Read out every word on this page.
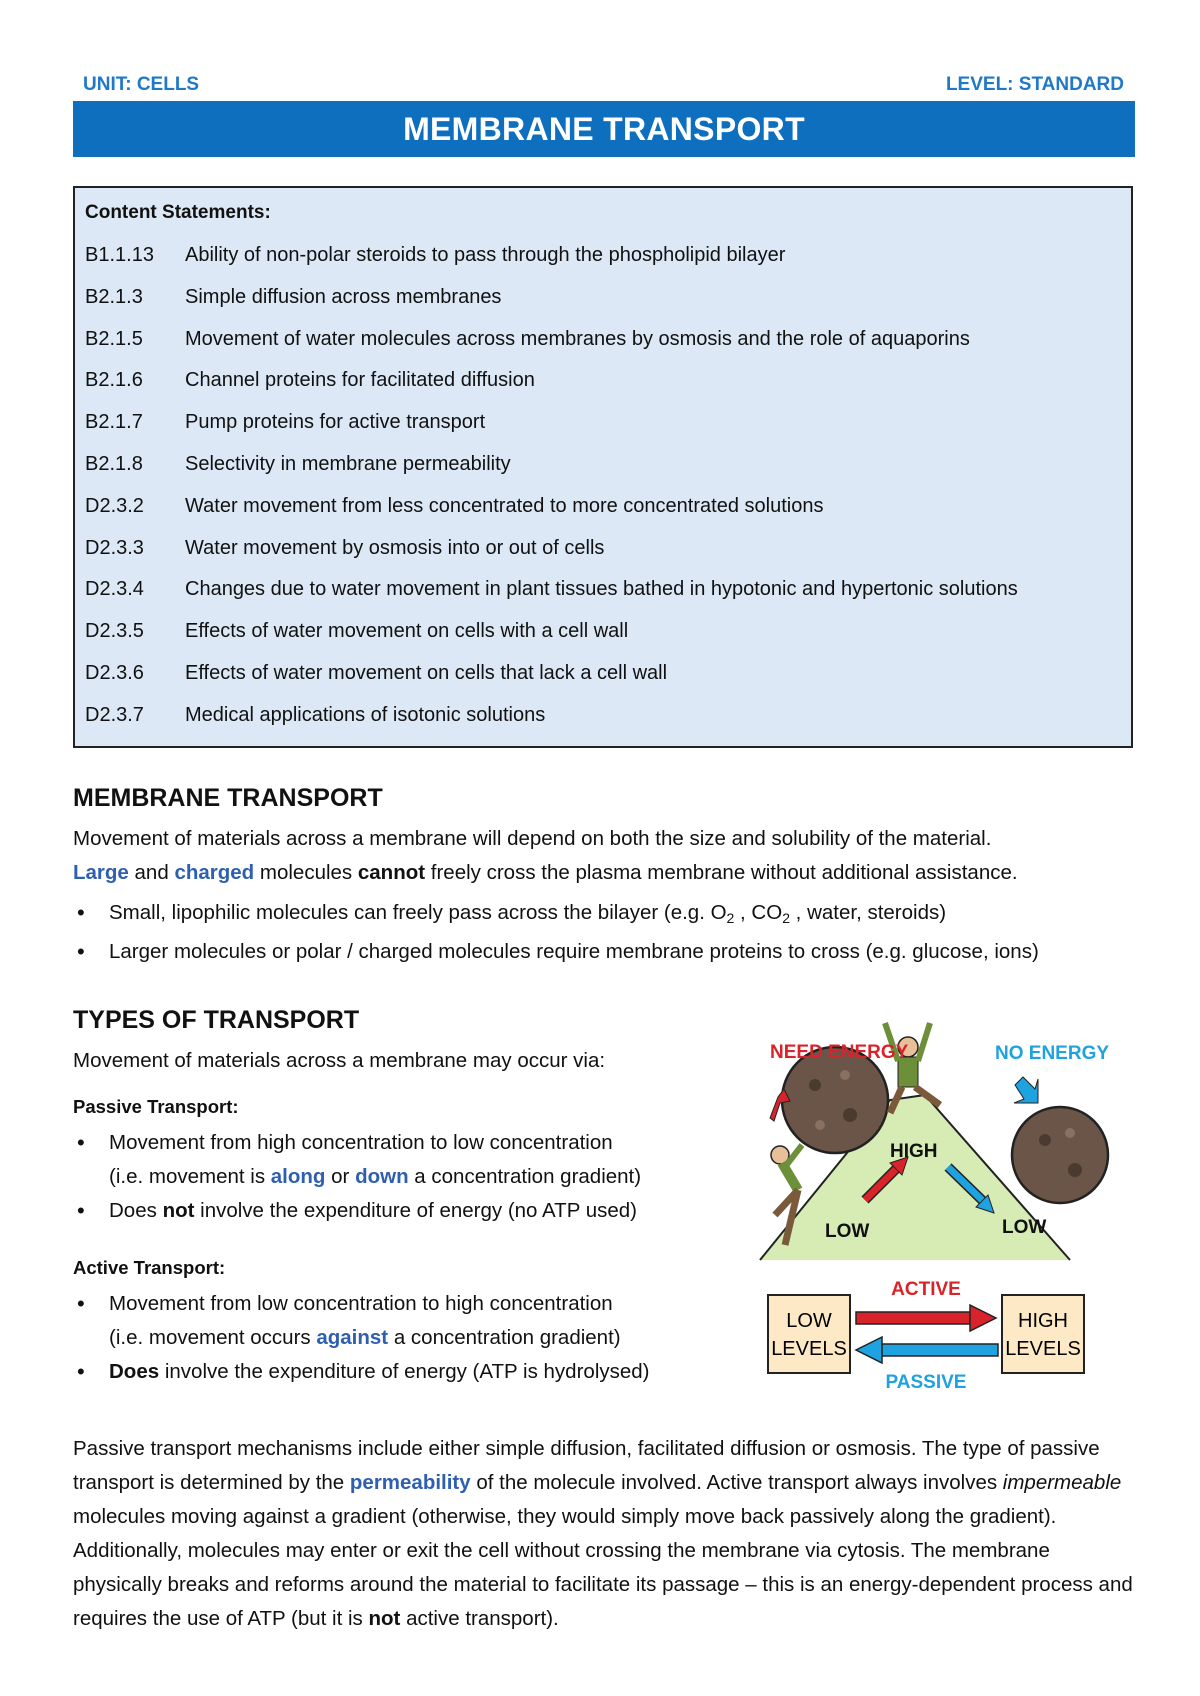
UNIT: CELLS	LEVEL: STANDARD
MEMBRANE TRANSPORT
Content Statements:
B1.1.13 Ability of non-polar steroids to pass through the phospholipid bilayer
B2.1.3 Simple diffusion across membranes
B2.1.5 Movement of water molecules across membranes by osmosis and the role of aquaporins
B2.1.6 Channel proteins for facilitated diffusion
B2.1.7 Pump proteins for active transport
B2.1.8 Selectivity in membrane permeability
D2.3.2 Water movement from less concentrated to more concentrated solutions
D2.3.3 Water movement by osmosis into or out of cells
D2.3.4 Changes due to water movement in plant tissues bathed in hypotonic and hypertonic solutions
D2.3.5 Effects of water movement on cells with a cell wall
D2.3.6 Effects of water movement on cells that lack a cell wall
D2.3.7 Medical applications of isotonic solutions
MEMBRANE TRANSPORT
Movement of materials across a membrane will depend on both the size and solubility of the material.
Large and charged molecules cannot freely cross the plasma membrane without additional assistance.
• Small, lipophilic molecules can freely pass across the bilayer (e.g. $O_2$ , $CO_2$ , water, steroids)
• Larger molecules or polar / charged molecules require membrane proteins to cross (e.g. glucose, ions)
TYPES OF TRANSPORT
Movement of materials across a membrane may occur via:
Passive Transport:
• Movement from high concentration to low concentration
(i.e. movement is along or down a concentration gradient)
• Does not involve the expenditure of energy (no ATP used)
Active Transport:
• Movement from low concentration to high concentration
(i.e. movement occurs against a concentration gradient)
• Does involve the expenditure of energy (ATP is hydrolysed)
NEED ENERGY	NO ENERGY
HIGH
LOW	LOW
LOW
LEVELS
HIGH
LEVELS
ACTIVE
PASSIVE
Passive transport mechanisms include either simple diffusion, facilitated diffusion or osmosis. The type of passive transport is determined by the permeability of the molecule involved. Active transport always involves impermeable molecules moving against a gradient (otherwise, they would simply move back passively along the gradient). Additionally, molecules may enter or exit the cell without crossing the membrane via cytosis. The membrane physically breaks and reforms around the material to facilitate its passage – this is an energy-dependent process and requires the use of ATP (but it is not active transport).
